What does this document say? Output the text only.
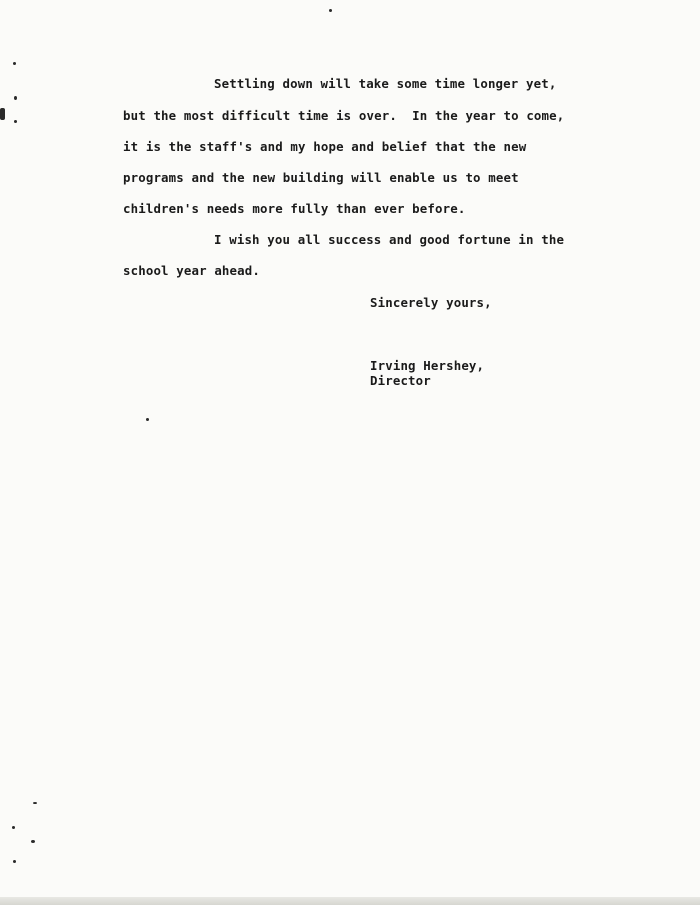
Settling down will take some time longer yet,
but the most difficult time is over.  In the year to come,
it is the staff's and my hope and belief that the new
programs and the new building will enable us to meet
children's needs more fully than ever before.
I wish you all success and good fortune in the
school year ahead.
Sincerely yours,
Irving Hershey,
Director
